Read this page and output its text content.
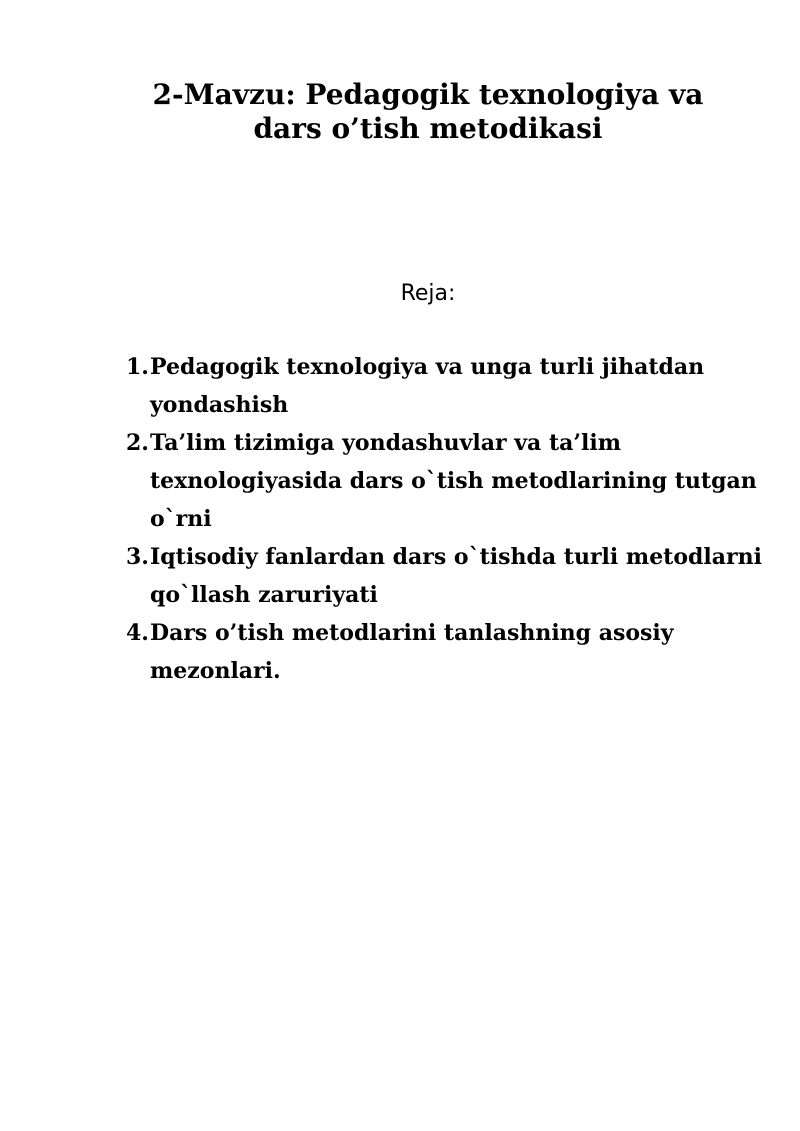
2-Mavzu: Pedagogik texnologiya va
dars o’tish metodikasi

Reja:

1. Pedagogik texnologiya va unga turli jihatdan yondashish
2. Ta’lim tizimiga yondashuvlar va ta’lim texnologiyasida dars o`tish metodlarining tutgan o`rni
3. Iqtisodiy fanlardan dars o`tishda turli metodlarni qo`llash zaruriyati
4. Dars o’tish metodlarini tanlashning asosiy mezonlari.
